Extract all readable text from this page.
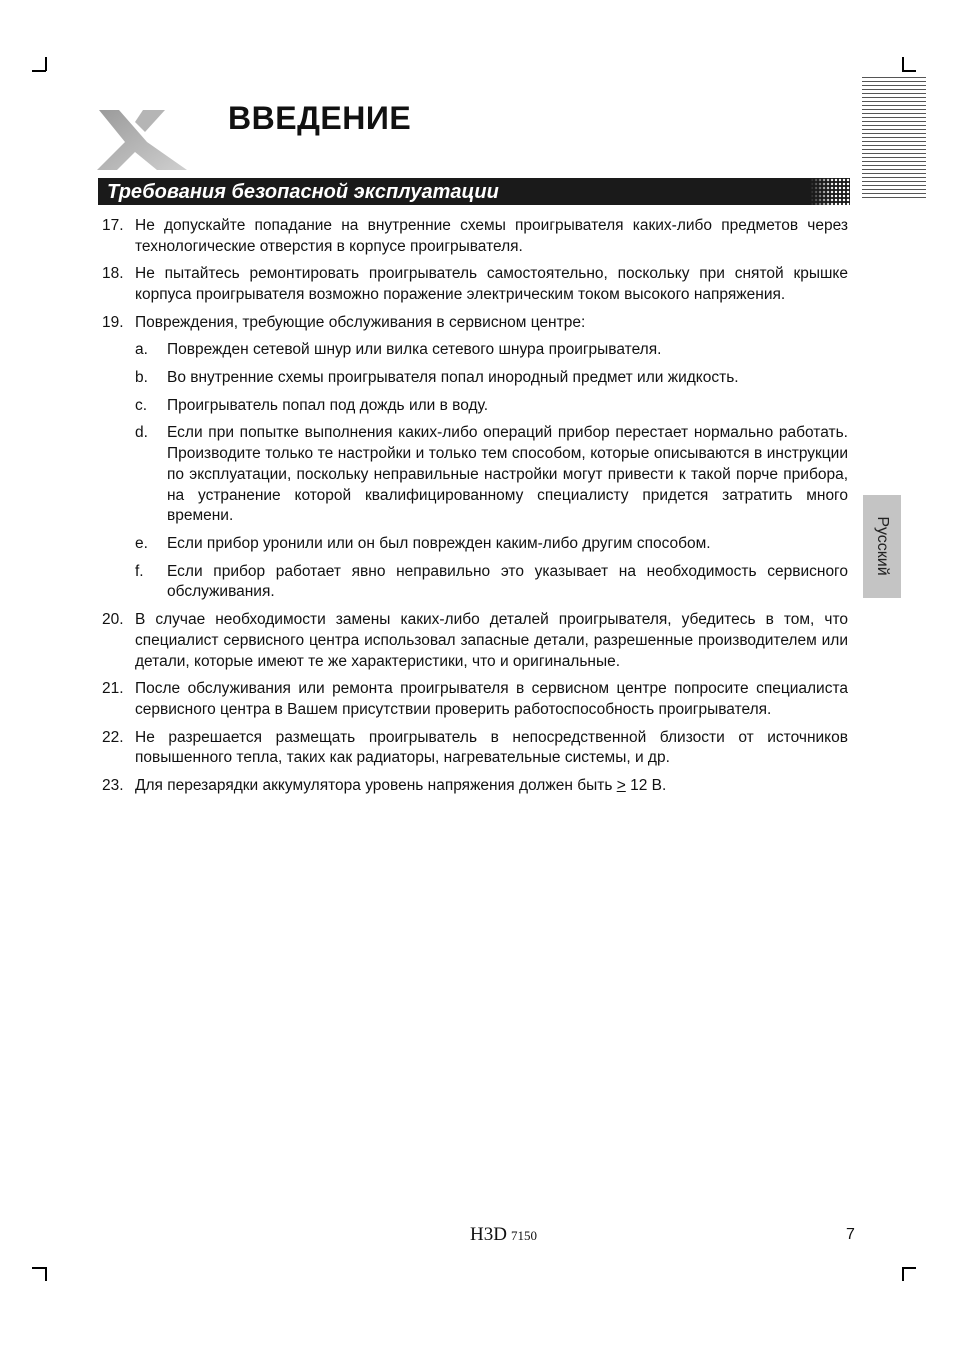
ВВЕДЕНИЕ
Требования безопасной эксплуатации
17. Не допускайте попадание на внутренние схемы проигрывателя каких-либо предметов через технологические отверстия в корпусе проигрывателя.
18. Не пытайтесь ремонтировать проигрыватель самостоятельно, поскольку при снятой крышке корпуса проигрывателя возможно поражение электрическим током высокого напряжения.
19. Повреждения, требующие обслуживания в сервисном центре:
a.	Поврежден сетевой шнур или вилка сетевого шнура проигрывателя.
b.	Во внутренние схемы проигрывателя попал инородный предмет или жидкость.
c.	Проигрыватель попал под дождь или в воду.
d.	Если при попытке выполнения каких-либо операций прибор перестает нормально работать. Производите только те настройки и только тем способом, которые описываются в инструкции по эксплуатации, поскольку неправильные настройки могут привести к такой порче прибора, на устранение которой квалифицированному специалисту придется затратить много времени.
e.	Если прибор уронили или он был поврежден каким-либо другим способом.
f.	Если прибор работает явно неправильно это указывает на необходимость сервисного обслуживания.
20. В случае необходимости замены каких-либо деталей проигрывателя, убедитесь в том, что специалист сервисного центра использовал запасные детали, разрешенные производителем или детали, которые имеют те же характеристики, что и оригинальные.
21. После обслуживания или ремонта проигрывателя в сервисном центре попросите специалиста сервисного центра в Вашем присутствии проверить работоспособность проигрывателя.
22. Не разрешается размещать проигрыватель в непосредственной близости от источников повышенного тепла, таких как радиаторы, нагревательные системы, и др.
23. Для перезарядки аккумулятора уровень напряжения должен быть ≥ 12 В.
Русский
H3D 7150	7
